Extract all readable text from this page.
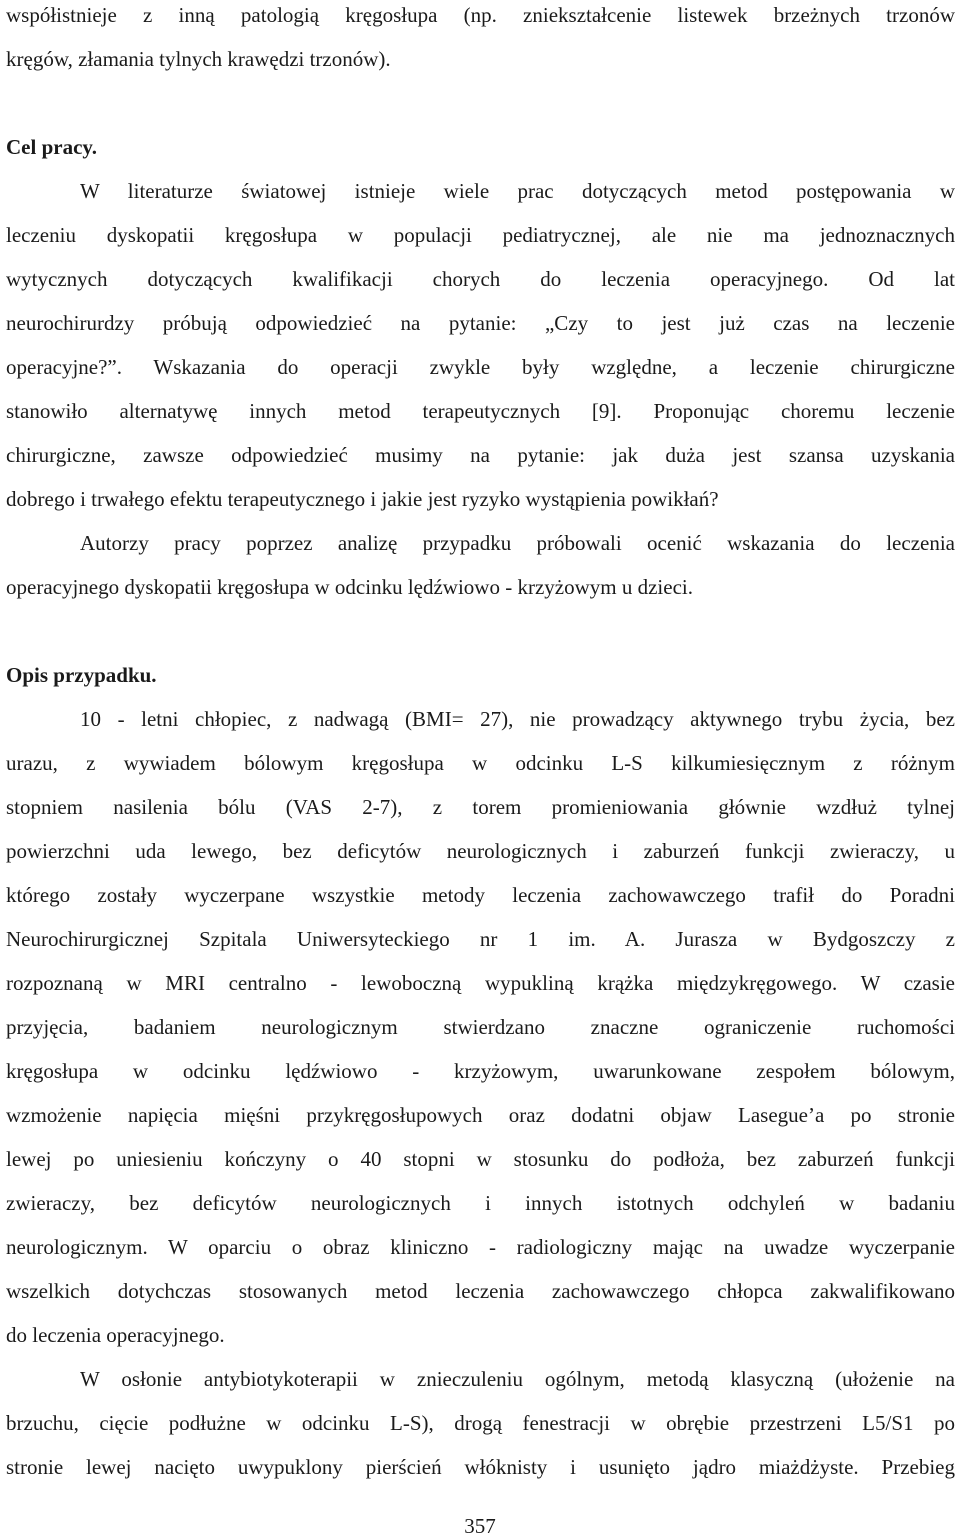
współistnieje z inną patologią kręgosłupa (np. zniekształcenie listewek brzeżnych trzonów
kręgów, złamania tylnych krawędzi trzonów).
Cel pracy.
W literaturze światowej istnieje wiele prac dotyczących metod postępowania w
leczeniu dyskopatii kręgosłupa w populacji pediatrycznej, ale nie ma jednoznacznych
wytycznych dotyczących kwalifikacji chorych do leczenia operacyjnego. Od lat
neurochirurdzy próbują odpowiedzieć na pytanie: „Czy to jest już czas na leczenie
operacyjne?”. Wskazania do operacji zwykle były względne, a leczenie chirurgiczne
stanowiło alternatywę innych metod terapeutycznych [9]. Proponując choremu leczenie
chirurgiczne, zawsze odpowiedzieć musimy na pytanie: jak duża jest szansa uzyskania
dobrego i trwałego efektu terapeutycznego i jakie jest ryzyko wystąpienia powikłań?
Autorzy pracy poprzez analizę przypadku próbowali ocenić wskazania do leczenia
operacyjnego dyskopatii kręgosłupa w odcinku lędźwiowo - krzyżowym u dzieci.
Opis przypadku.
10 - letni chłopiec, z nadwagą (BMI= 27), nie prowadzący aktywnego trybu życia, bez
urazu, z wywiadem bólowym kręgosłupa w odcinku L-S kilkumiesięcznym z różnym
stopniem nasilenia bólu (VAS 2-7), z torem promieniowania głównie wzdłuż tylnej
powierzchni uda lewego, bez deficytów neurologicznych i zaburzeń funkcji zwieraczy, u
którego zostały wyczerpane wszystkie metody leczenia zachowawczego trafił do Poradni
Neurochirurgicznej Szpitala Uniwersyteckiego nr 1 im. A. Jurasza w Bydgoszczy z
rozpoznaną w MRI centralno - lewoboczną wypukliną krążka międzykręgowego. W czasie
przyjęcia, badaniem neurologicznym stwierdzano znaczne ograniczenie ruchomości
kręgosłupa w odcinku lędźwiowo - krzyżowym, uwarunkowane zespołem bólowym,
wzmożenie napięcia mięśni przykręgosłupowych oraz dodatni objaw Lasegue’a po stronie
lewej po uniesieniu kończyny o 40 stopni w stosunku do podłoża, bez zaburzeń funkcji
zwieraczy, bez deficytów neurologicznych i innych istotnych odchyleń w badaniu
neurologicznym. W oparciu o obraz kliniczno - radiologiczny mając na uwadze wyczerpanie
wszelkich dotychczas stosowanych metod leczenia zachowawczego chłopca zakwalifikowano
do leczenia operacyjnego.
W osłonie antybiotykoterapii w znieczuleniu ogólnym, metodą klasyczną (ułożenie na
brzuchu, cięcie podłużne w odcinku L-S), drogą fenestracji w obrębie przestrzeni L5/S1 po
stronie lewej nacięto uwypuklony pierścień włóknisty i usunięto jądro miażdżyste. Przebieg
357
